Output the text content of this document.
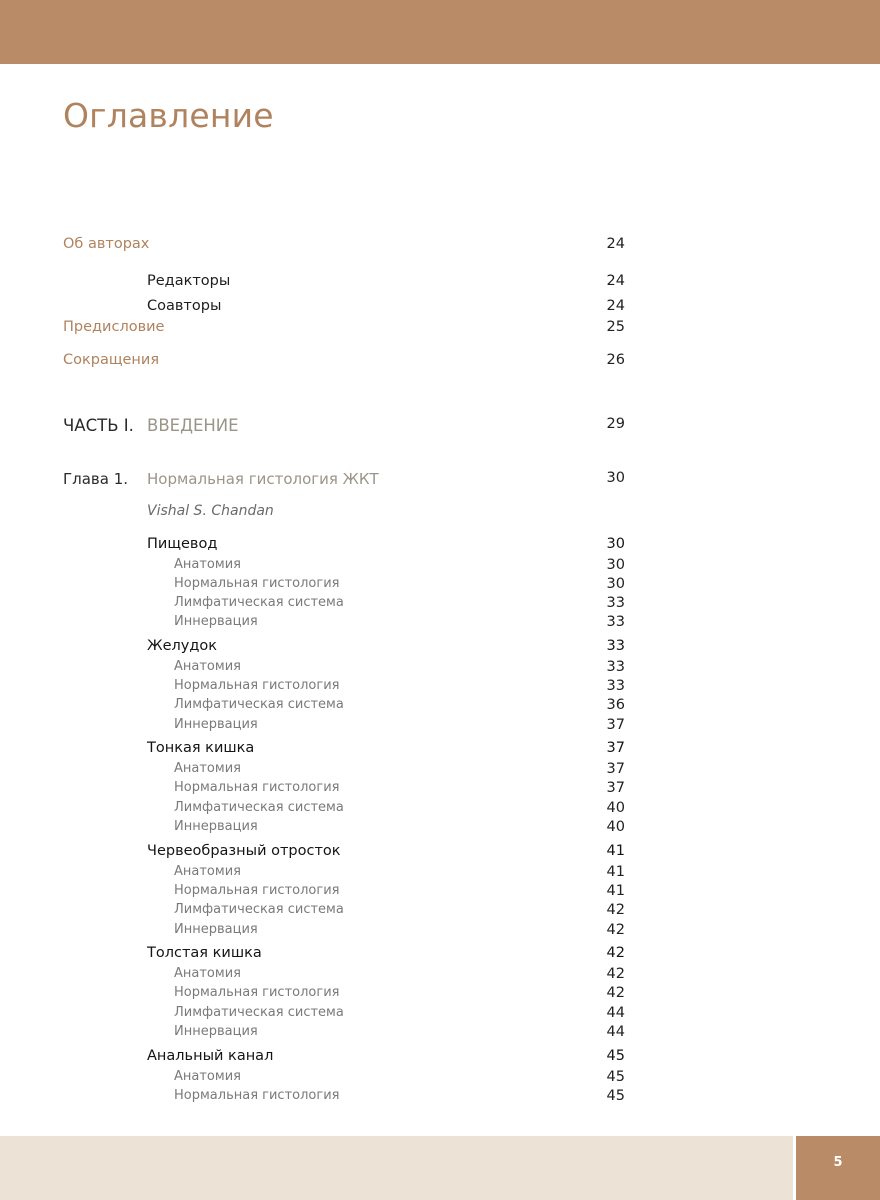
Оглавление
Об авторах	24
Редакторы	24
Соавторы	24
Предисловие	25
Сокращения	26
ЧАСТЬ I. ВВЕДЕНИЕ	29
Глава 1. Нормальная гистология ЖКТ	30
Vishal S. Chandan
Пищевод	30
Анатомия	30
Нормальная гистология	30
Лимфатическая система	33
Иннервация	33
Желудок	33
Анатомия	33
Нормальная гистология	33
Лимфатическая система	36
Иннервация	37
Тонкая кишка	37
Анатомия	37
Нормальная гистология	37
Лимфатическая система	40
Иннервация	40
Червеобразный отросток	41
Анатомия	41
Нормальная гистология	41
Лимфатическая система	42
Иннервация	42
Толстая кишка	42
Анатомия	42
Нормальная гистология	42
Лимфатическая система	44
Иннервация	44
Анальный канал	45
Анатомия	45
Нормальная гистология	45
5
